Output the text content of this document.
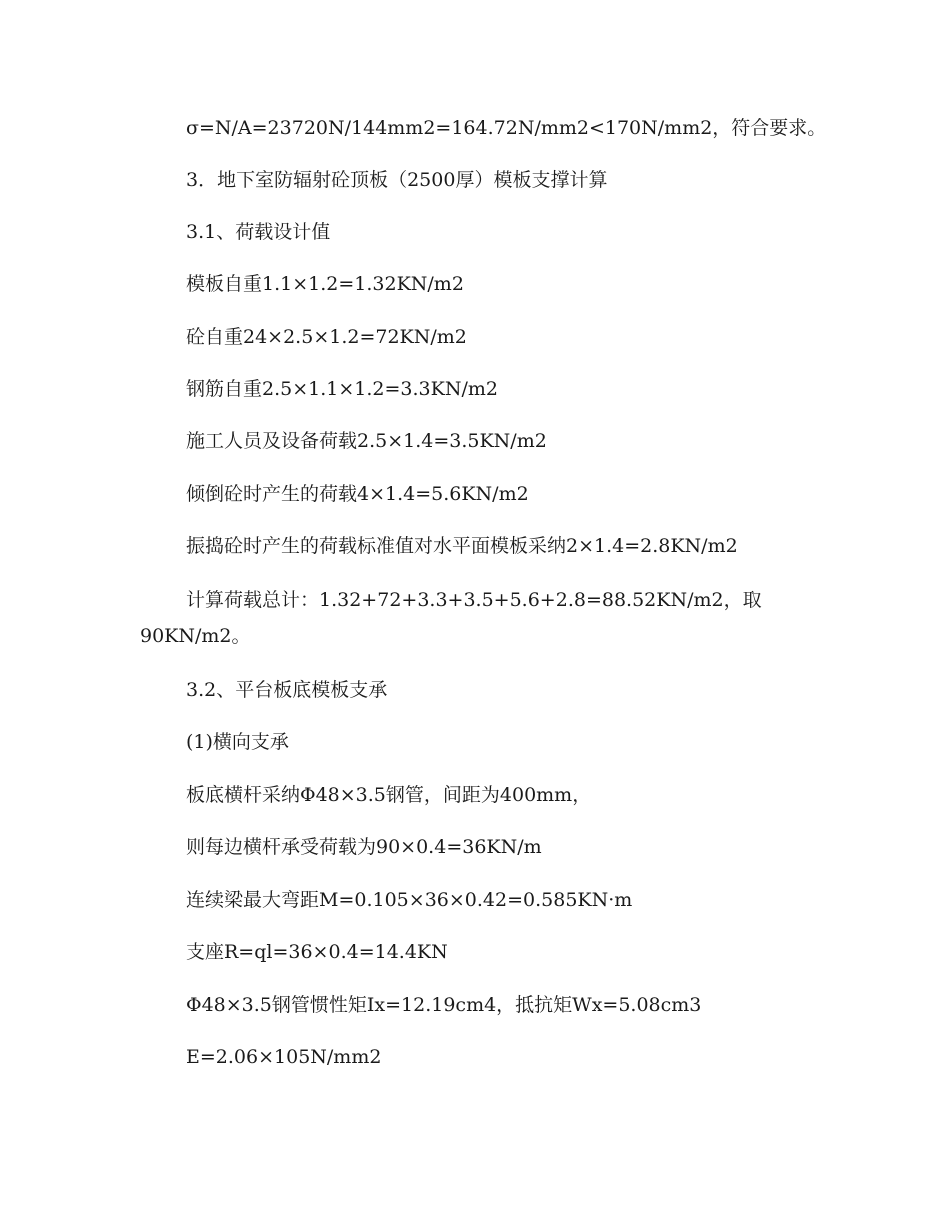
σ=N/A=23720N/144mm2=164.72N/mm2<170N/mm2，符合要求。
3．地下室防辐射砼顶板（2500厚）模板支撑计算
3.1、荷载设计值
模板自重1.1×1.2=1.32KN/m2
砼自重24×2.5×1.2=72KN/m2
钢筋自重2.5×1.1×1.2=3.3KN/m2
施工人员及设备荷载2.5×1.4=3.5KN/m2
倾倒砼时产生的荷载4×1.4=5.6KN/m2
振捣砼时产生的荷载标准值对水平面模板采纳2×1.4=2.8KN/m2
计算荷载总计：1.32+72+3.3+3.5+5.6+2.8=88.52KN/m2，取
90KN/m2。
3.2、平台板底模板支承
(1)横向支承
板底横杆采纳Φ48×3.5钢管，间距为400mm，
则每边横杆承受荷载为90×0.4=36KN/m
连续梁最大弯距M=0.105×36×0.42=0.585KN·m
支座R=ql=36×0.4=14.4KN
Φ48×3.5钢管惯性矩Ix=12.19cm4，抵抗矩Wx=5.08cm3
E=2.06×105N/mm2
